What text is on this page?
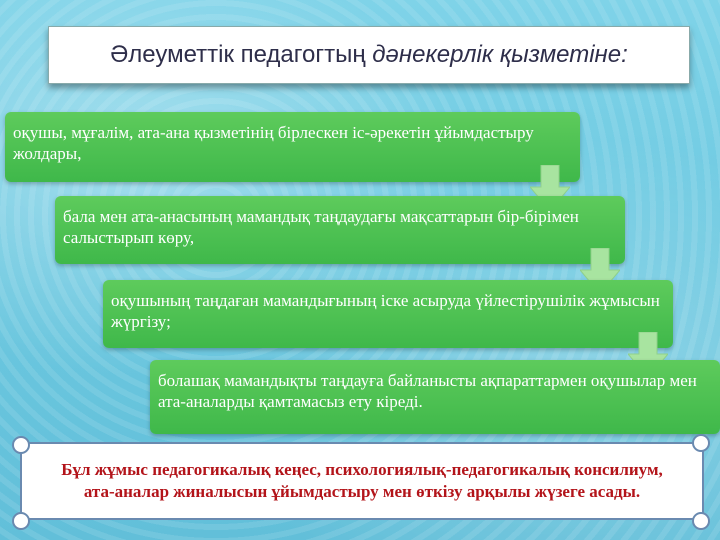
Әлеуметтік педагогтың дәнекерлік қызметіне:
оқушы, мұғалім, ата-ана қызметінің бірлескен іс-әрекетін ұйымдастыру жолдары,
бала мен ата-анасының мамандық таңдаудағы мақсаттарын бір-бірімен салыстырып көру,
оқушының таңдаған мамандығының іске асыруда үйлестірушілік жұмысын жүргізу;
болашақ мамандықты таңдауға байланысты ақпараттармен оқушылар мен ата-аналарды қамтамасыз ету кіреді.
Бұл жұмыс педагогикалық кеңес, психологиялық-педагогикалық консилиум, ата-аналар жиналысын ұйымдастыру мен өткізу арқылы жүзеге асады.
